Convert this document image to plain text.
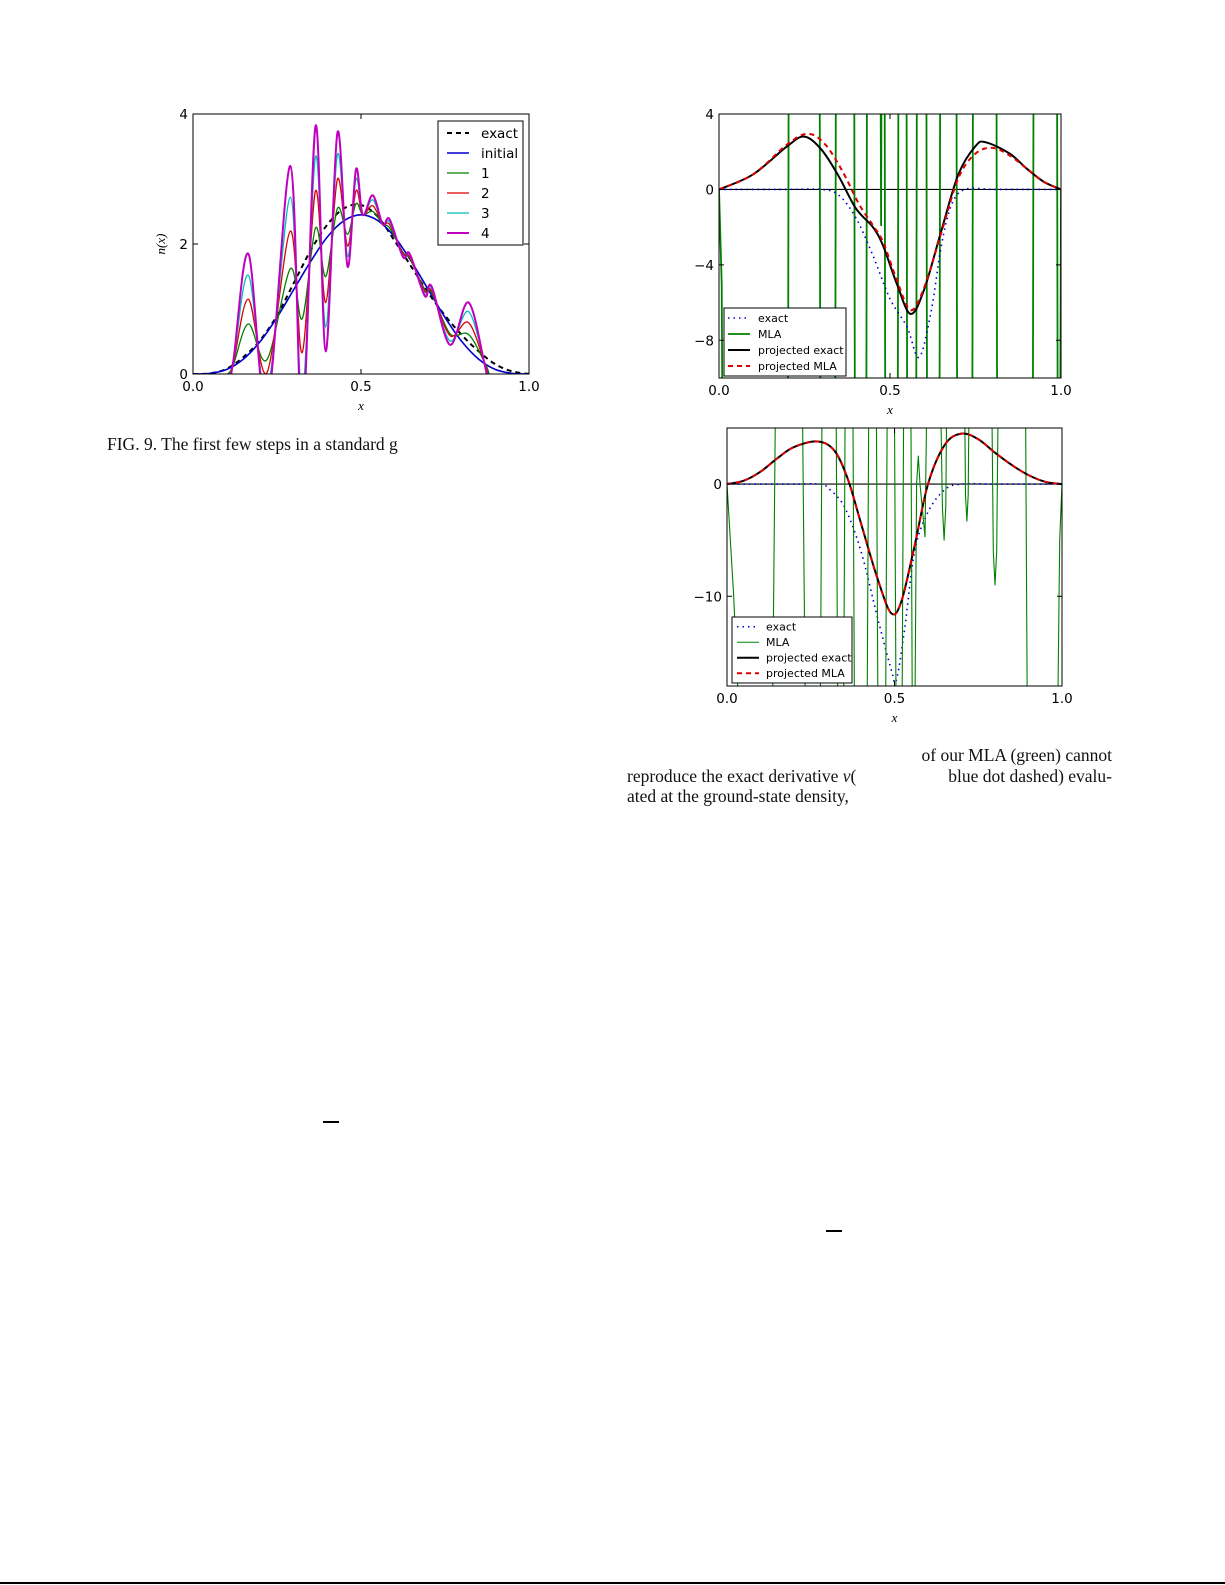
0.0	0.5	1.0
0
2
4
x
n(x)
exact
initial
1
2
3
4
0.0	0.5	1.0
4
0
−4
−8
x
exact
MLA
projected exact
projected MLA
0.0	0.5	1.0
0
−10
x
exact
MLA
projected exact
projected MLA
FIG. 9. The first few steps in a standard g
of our MLA (green) cannot
reproduce the exact derivative v(	blue dot dashed) evalu-
ated at the ground-state density,
